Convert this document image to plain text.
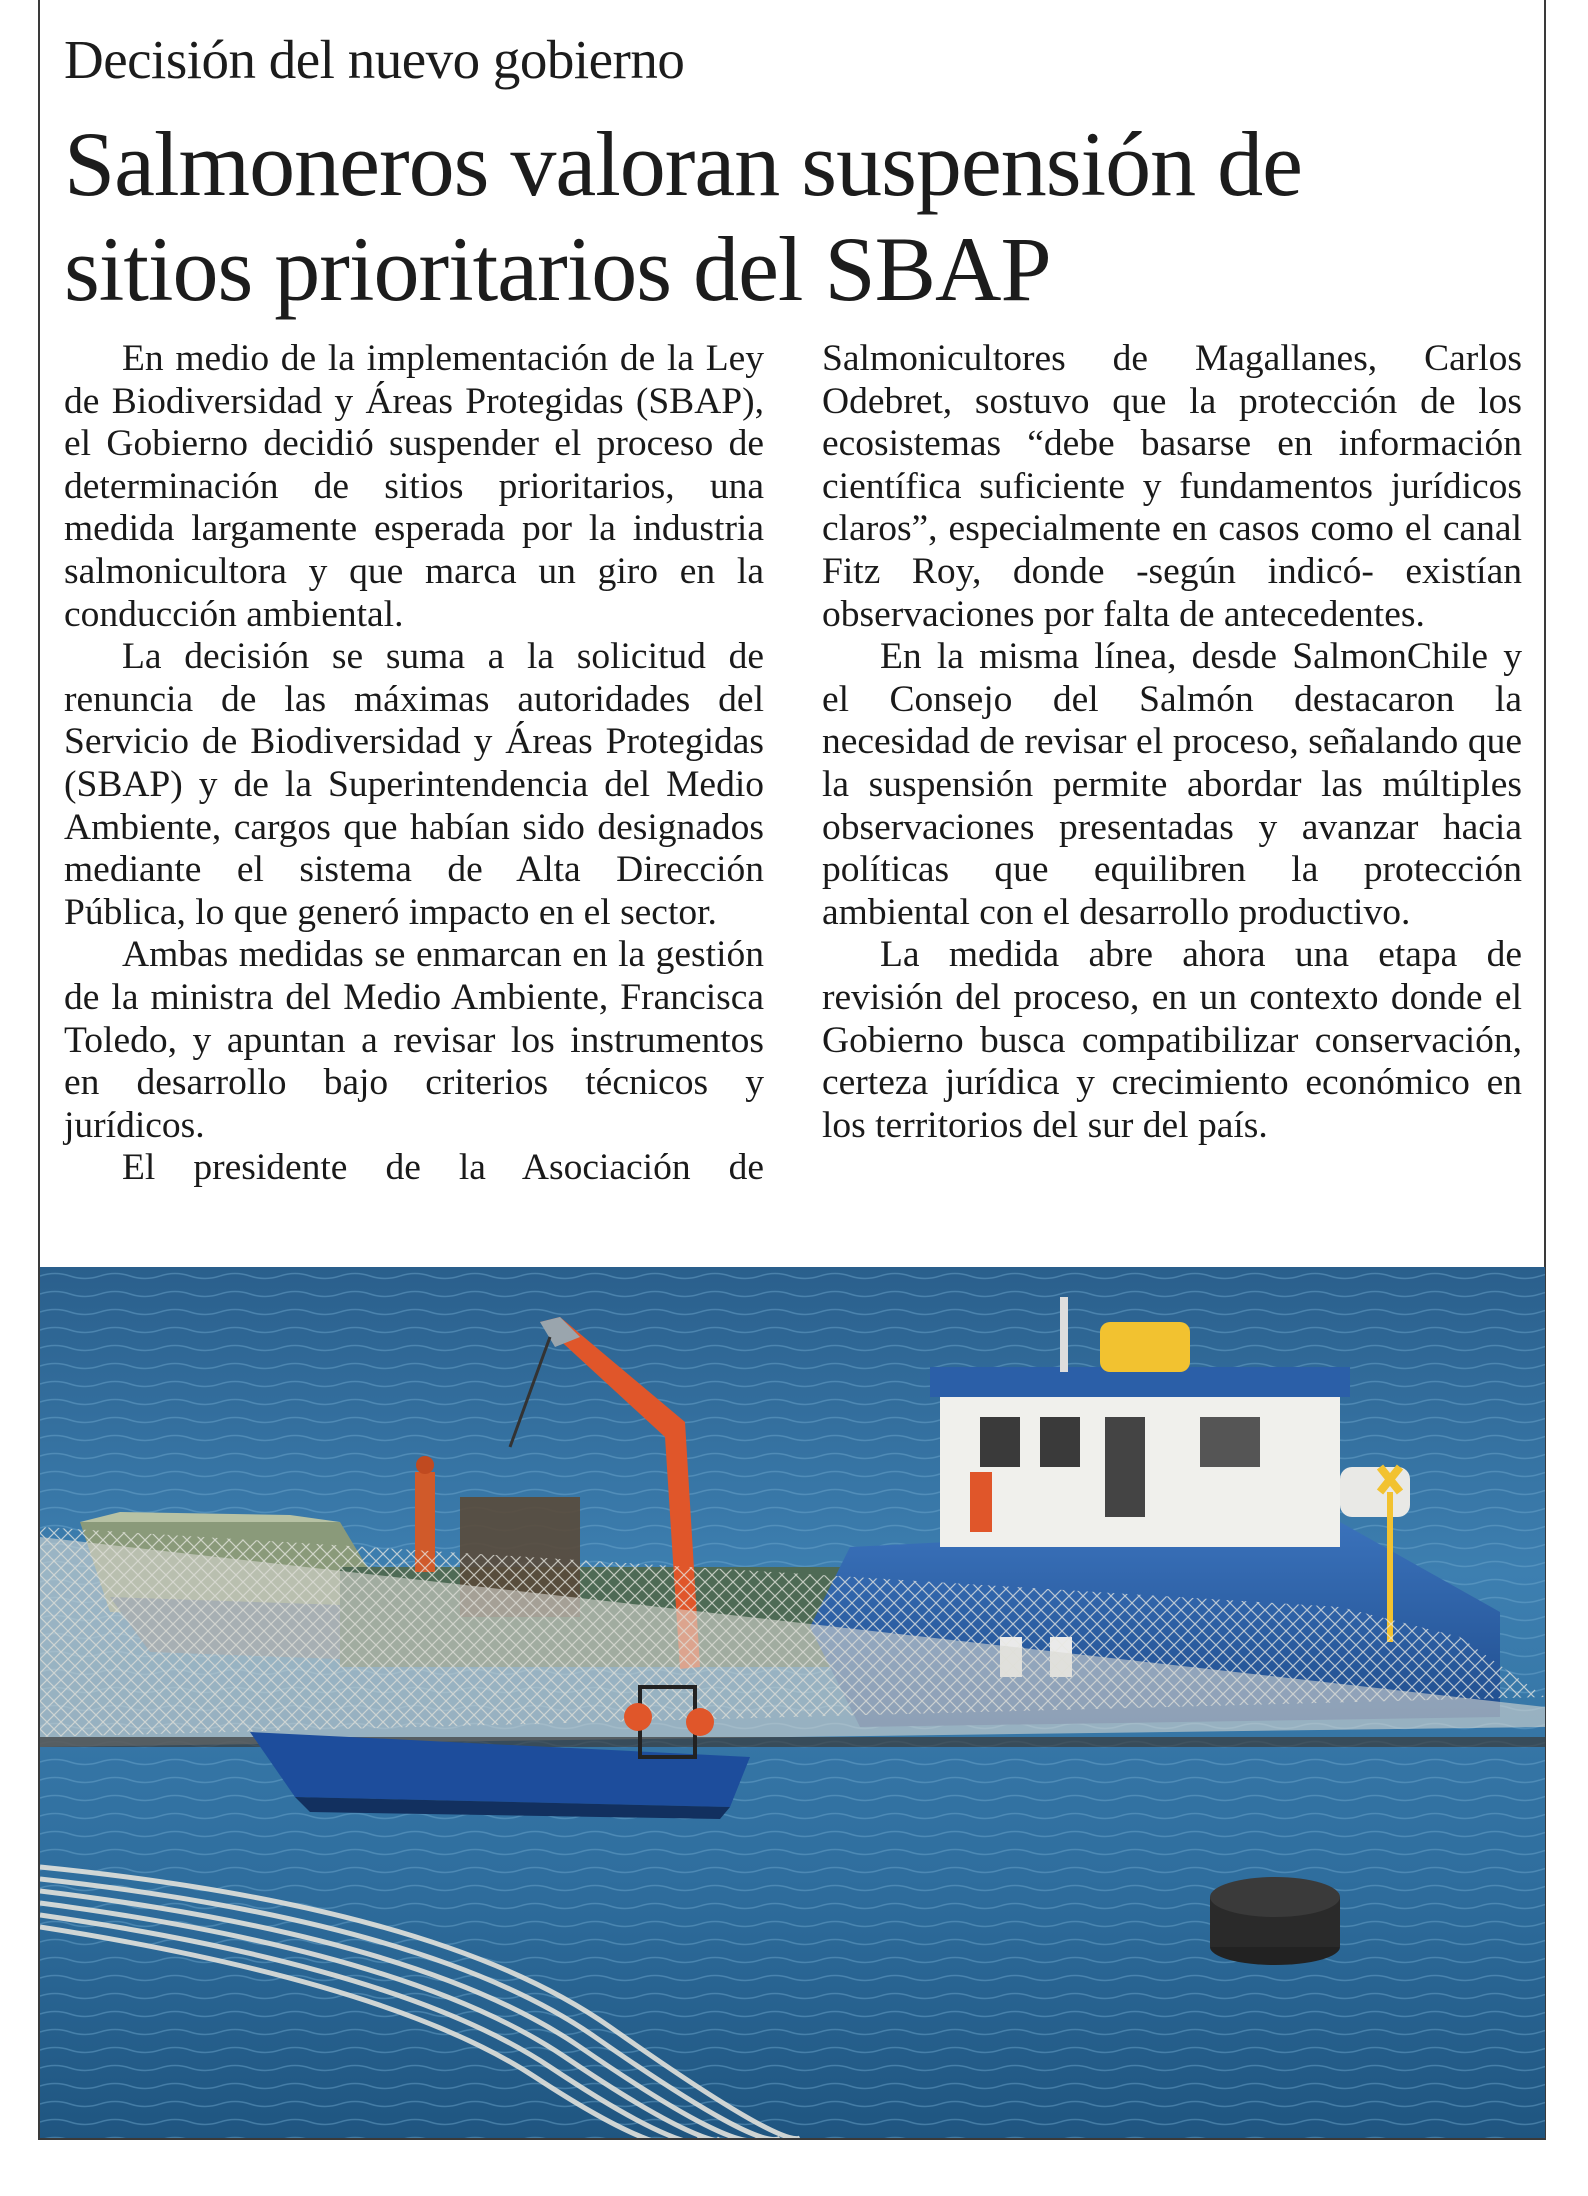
Decisión del nuevo gobierno
Salmoneros valoran suspensión de sitios prioritarios del SBAP

En medio de la implementación de la Ley de Biodiversidad y Áreas Protegidas (SBAP), el Gobierno decidió suspender el proceso de determinación de sitios prioritarios, una medida largamente esperada por la industria salmonicultora y que marca un giro en la conducción ambiental.

La decisión se suma a la solicitud de renuncia de las máximas autoridades del Servicio de Biodiversidad y Áreas Protegidas (SBAP) y de la Superintendencia del Medio Ambiente, cargos que habían sido designados mediante el sistema de Alta Dirección Pública, lo que generó impacto en el sector.

Ambas medidas se enmarcan en la gestión de la ministra del Medio Ambiente, Francisca Toledo, y apuntan a revisar los instrumentos en desarrollo bajo criterios técnicos y jurídicos.

El presidente de la Asociación de

Salmonicultores de Magallanes, Carlos Odebret, sostuvo que la protección de los ecosistemas “debe basarse en información científica suficiente y fundamentos jurídicos claros”, especialmente en casos como el canal Fitz Roy, donde -según indicó- existían observaciones por falta de antecedentes.

En la misma línea, desde SalmonChile y el Consejo del Salmón destacaron la necesidad de revisar el proceso, señalando que la suspensión permite abordar las múltiples observaciones presentadas y avanzar hacia políticas que equilibren la protección ambiental con el desarrollo productivo.

La medida abre ahora una etapa de revisión del proceso, en un contexto donde el Gobierno busca compatibilizar conservación, certeza jurídica y crecimiento económico en los territorios del sur del país.
